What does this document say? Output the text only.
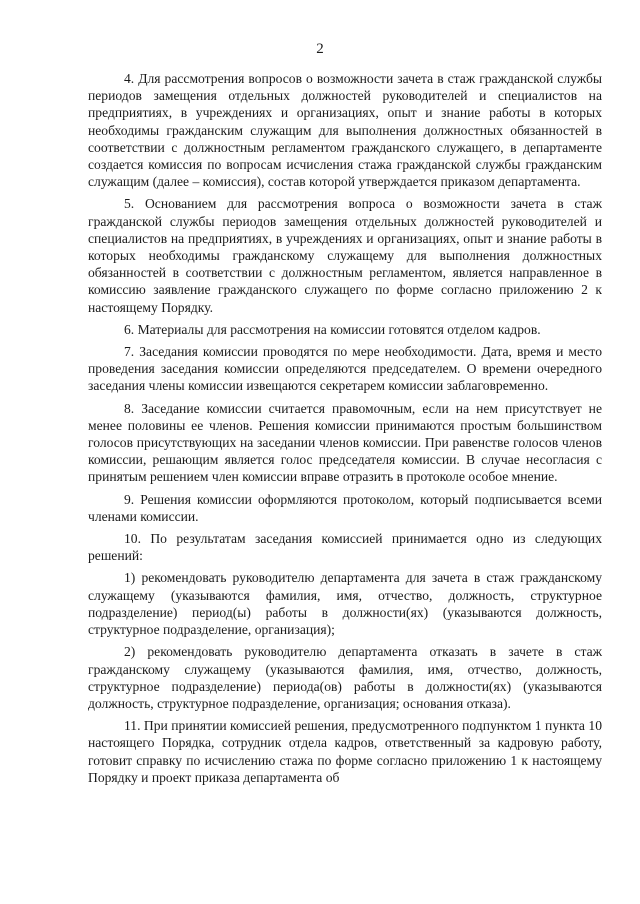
2

4. Для рассмотрения вопросов о возможности зачета в стаж гражданской службы периодов замещения отдельных должностей руководителей и специалистов на предприятиях, в учреждениях и организациях, опыт и знание работы в которых необходимы гражданским служащим для выполнения должностных обязанностей в соответствии с должностным регламентом гражданского служащего, в департаменте создается комиссия по вопросам исчисления стажа гражданской службы гражданским служащим (далее – комиссия), состав которой утверждается приказом департамента.

5. Основанием для рассмотрения вопроса о возможности зачета в стаж гражданской службы периодов замещения отдельных должностей руководителей и специалистов на предприятиях, в учреждениях и организациях, опыт и знание работы в которых необходимы гражданскому служащему для выполнения должностных обязанностей в соответствии с должностным регламентом, является направленное в комиссию заявление гражданского служащего по форме согласно приложению 2 к настоящему Порядку.

6. Материалы для рассмотрения на комиссии готовятся отделом кадров.

7. Заседания комиссии проводятся по мере необходимости. Дата, время и место проведения заседания комиссии определяются председателем. О времени очередного заседания члены комиссии извещаются секретарем комиссии заблаговременно.

8. Заседание комиссии считается правомочным, если на нем присутствует не менее половины ее членов. Решения комиссии принимаются простым большинством голосов присутствующих на заседании членов комиссии. При равенстве голосов членов комиссии, решающим является голос председателя комиссии. В случае несогласия с принятым решением член комиссии вправе отразить в протоколе особое мнение.

9. Решения комиссии оформляются протоколом, который подписывается всеми членами комиссии.

10. По результатам заседания комиссией принимается одно из следующих решений:

1) рекомендовать руководителю департамента для зачета в стаж гражданскому служащему (указываются фамилия, имя, отчество, должность, структурное подразделение) период(ы) работы в должности(ях) (указываются должность, структурное подразделение, организация);

2) рекомендовать руководителю департамента отказать в зачете в стаж гражданскому служащему (указываются фамилия, имя, отчество, должность, структурное подразделение) периода(ов) работы в должности(ях) (указываются должность, структурное подразделение, организация; основания отказа).

11. При принятии комиссией решения, предусмотренного подпунктом 1 пункта 10 настоящего Порядка, сотрудник отдела кадров, ответственный за кадровую работу, готовит справку по исчислению стажа по форме согласно приложению 1 к настоящему Порядку и проект приказа департамента об
